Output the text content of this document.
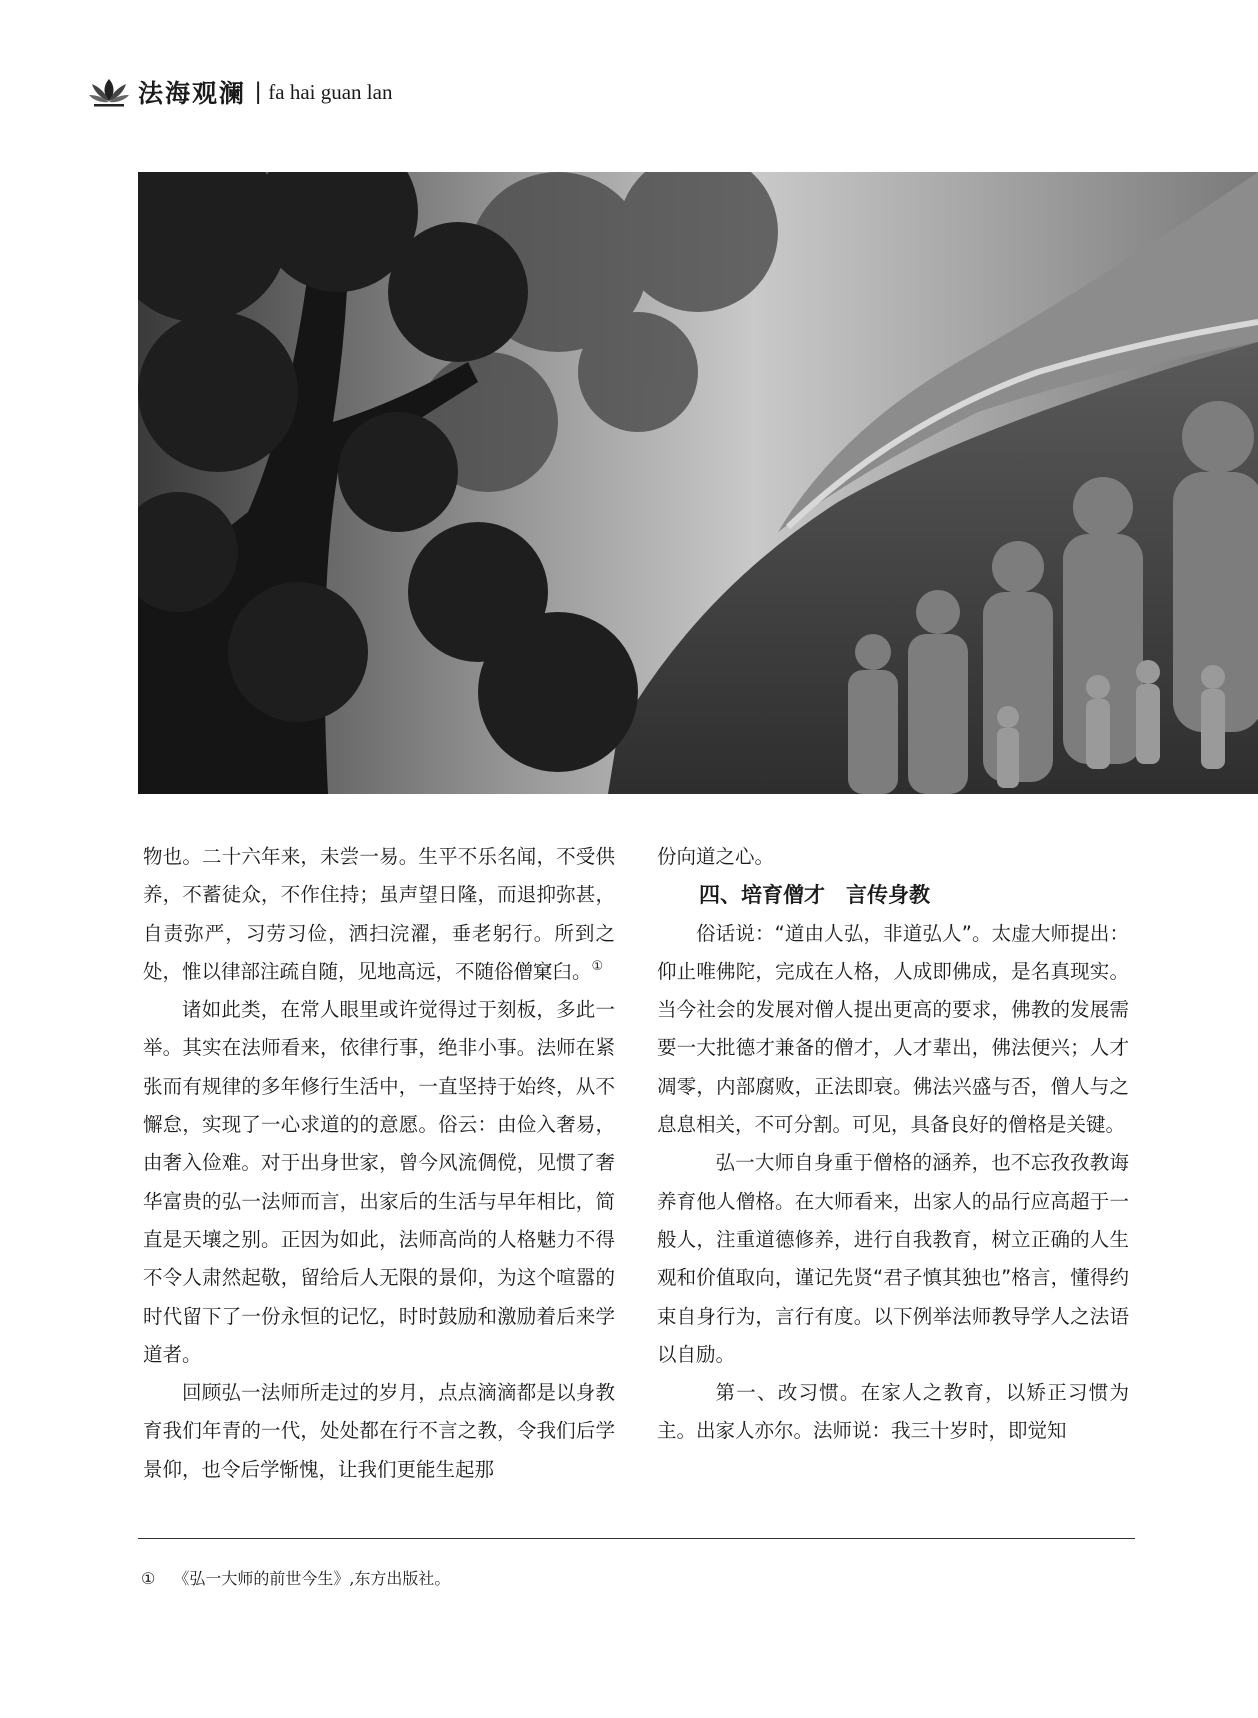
法海观澜 | fa hai guan lan

物也。二十六年来，未尝一易。生平不乐名闻，不受供养，不蓄徒众，不作住持；虽声望日隆，而退抑弥甚，自责弥严，习劳习俭，洒扫浣濯，垂老躬行。所到之处，惟以律部注疏自随，见地高远，不随俗僧窠臼。①

诸如此类，在常人眼里或许觉得过于刻板，多此一举。其实在法师看来，依律行事，绝非小事。法师在紧张而有规律的多年修行生活中，一直坚持于始终，从不懈怠，实现了一心求道的的意愿。俗云：由俭入奢易，由奢入俭难。对于出身世家，曾今风流倜傥，见惯了奢华富贵的弘一法师而言，出家后的生活与早年相比，简直是天壤之别。正因为如此，法师高尚的人格魅力不得不令人肃然起敬，留给后人无限的景仰，为这个喧嚣的时代留下了一份永恒的记忆，时时鼓励和激励着后来学道者。

回顾弘一法师所走过的岁月，点点滴滴都是以身教育我们年青的一代，处处都在行不言之教，令我们后学景仰，也令后学惭愧，让我们更能生起那

份向道之心。

四、培育僧才　言传身教

俗话说：“道由人弘，非道弘人”。太虚大师提出：仰止唯佛陀，完成在人格，人成即佛成，是名真现实。当今社会的发展对僧人提出更高的要求，佛教的发展需要一大批德才兼备的僧才，人才辈出，佛法便兴；人才凋零，内部腐败，正法即衰。佛法兴盛与否，僧人与之息息相关，不可分割。可见，具备良好的僧格是关键。

弘一大师自身重于僧格的涵养，也不忘孜孜教诲养育他人僧格。在大师看来，出家人的品行应高超于一般人，注重道德修养，进行自我教育，树立正确的人生观和价值取向，谨记先贤“君子慎其独也”格言，懂得约束自身行为，言行有度。以下例举法师教导学人之法语以自励。

第一、改习惯。在家人之教育，以矫正习惯为主。出家人亦尔。法师说：我三十岁时，即觉知

① 《弘一大师的前世今生》,东方出版社。
